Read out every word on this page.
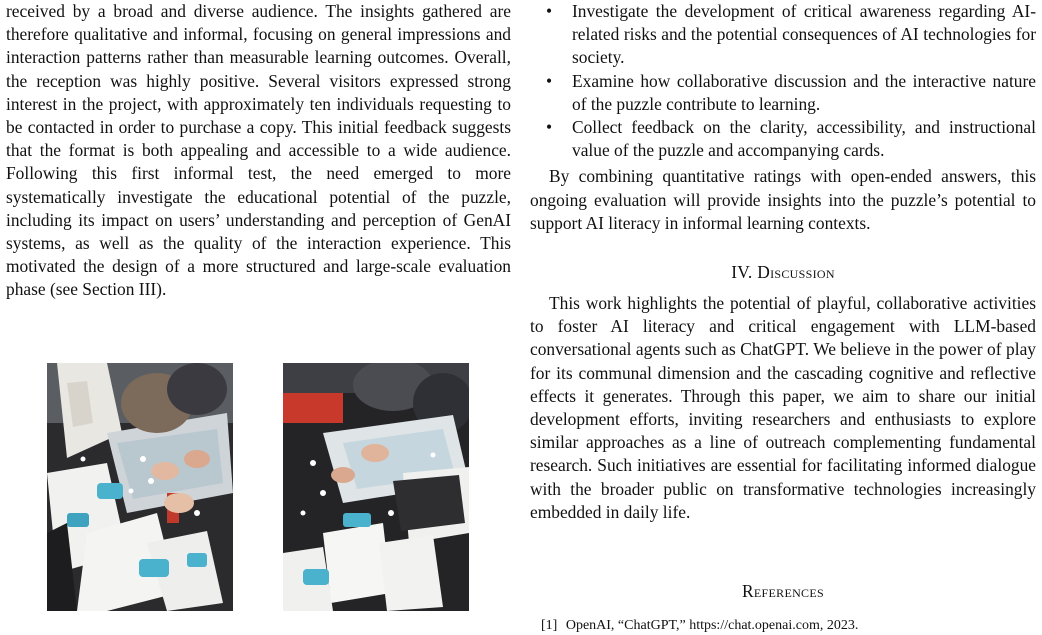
received by a broad and diverse audience. The insights gathered are therefore qualitative and informal, focusing on general impressions and interaction patterns rather than measurable learning outcomes. Overall, the reception was highly positive. Several visitors expressed strong interest in the project, with approximately ten individuals requesting to be contacted in order to purchase a copy. This initial feedback suggests that the format is both appealing and accessible to a wide audience. Following this first informal test, the need emerged to more systematically investigate the educational potential of the puzzle, including its impact on users’ understanding and perception of GenAI systems, as well as the quality of the interaction experience. This motivated the design of a more structured and large-scale evaluation phase (see Section III).

• Investigate the development of critical awareness regarding AI-related risks and the potential consequences of AI technologies for society.
• Examine how collaborative discussion and the interactive nature of the puzzle contribute to learning.
• Collect feedback on the clarity, accessibility, and instructional value of the puzzle and accompanying cards.

By combining quantitative ratings with open-ended answers, this ongoing evaluation will provide insights into the puzzle’s potential to support AI literacy in informal learning contexts.

IV. Discussion

This work highlights the potential of playful, collaborative activities to foster AI literacy and critical engagement with LLM-based conversational agents such as ChatGPT. We believe in the power of play for its communal dimension and the cascading cognitive and reflective effects it generates. Through this paper, we aim to share our initial development efforts, inviting researchers and enthusiasts to explore similar approaches as a line of outreach complementing fundamental research. Such initiatives are essential for facilitating informed dialogue with the broader public on transformative technologies increasingly embedded in daily life.

References
[1] OpenAI, “ChatGPT,” https://chat.openai.com, 2023.
